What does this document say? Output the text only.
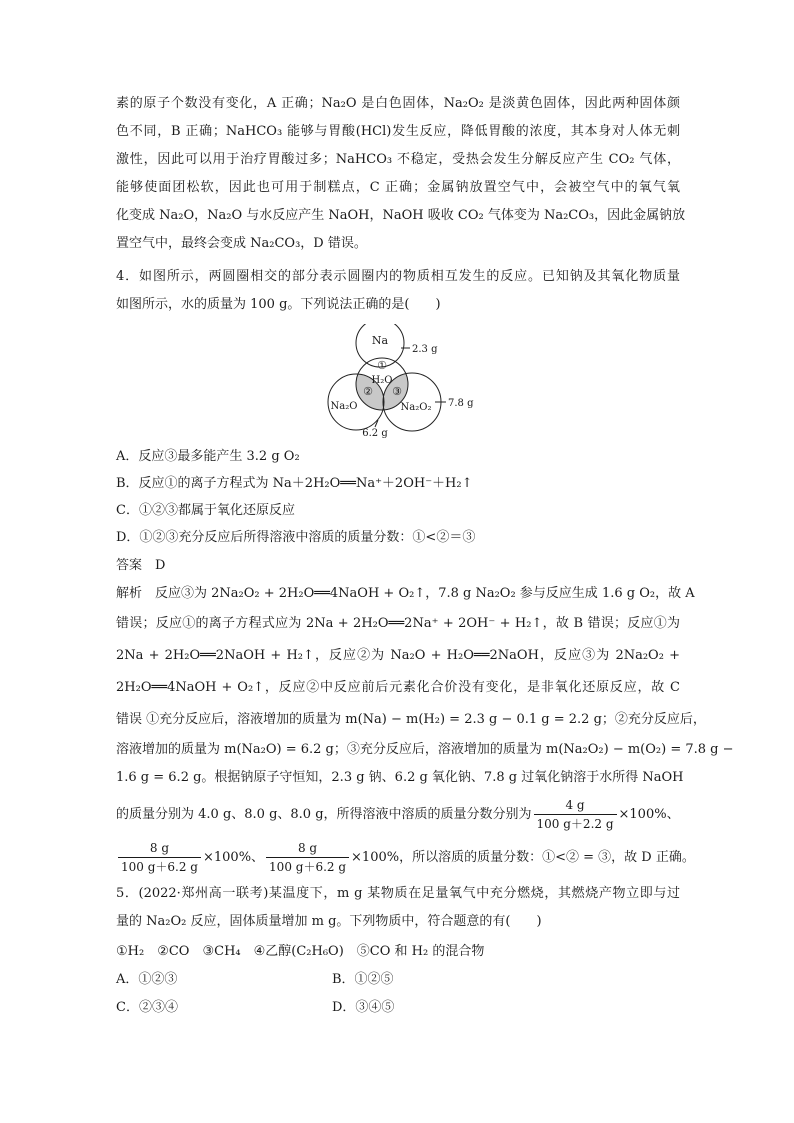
素的原子个数没有变化，A 正确；Na₂O 是白色固体，Na₂O₂ 是淡黄色固体，因此两种固体颜
色不同，B 正确；NaHCO₃ 能够与胃酸(HCl)发生反应，降低胃酸的浓度，其本身对人体无刺
激性，因此可以用于治疗胃酸过多；NaHCO₃ 不稳定，受热会发生分解反应产生 CO₂ 气体，
能够使面团松软，因此也可用于制糕点，C 正确；金属钠放置空气中，会被空气中的氧气氧
化变成 Na₂O，Na₂O 与水反应产生 NaOH，NaOH 吸收 CO₂ 气体变为 Na₂CO₃，因此金属钠放
置空气中，最终会变成 Na₂CO₃，D 错误。
4．如图所示，两圆圈相交的部分表示圆圈内的物质相互发生的反应。已知钠及其氧化物质量
如图所示，水的质量为 100 g。下列说法正确的是(　　)
Na
2.3 g
①
H₂O
② ③
Na₂O	Na₂O₂ 7.8 g
6.2 g
A．反应③最多能产生 3.2 g O₂
B．反应①的离子方程式为 Na＋2H₂O══Na⁺＋2OH⁻＋H₂↑
C．①②③都属于氧化还原反应
D．①②③充分反应后所得溶液中溶质的质量分数：①<②＝③
答案　D
解析　反应③为 2Na₂O₂ + 2H₂O══4NaOH + O₂↑，7.8 g Na₂O₂ 参与反应生成 1.6 g O₂，故 A
错误；反应①的离子方程式应为 2Na + 2H₂O══2Na⁺ + 2OH⁻ + H₂↑，故 B 错误；反应①为
2Na + 2H₂O══2NaOH + H₂↑，反应②为 Na₂O + H₂O══2NaOH，反应③为 2Na₂O₂ +
2H₂O══4NaOH + O₂↑，反应②中反应前后元素化合价没有变化，是非氧化还原反应，故 C
错误 ①充分反应后，溶液增加的质量为 m(Na) − m(H₂) = 2.3 g − 0.1 g = 2.2 g；②充分反应后，
溶液增加的质量为 m(Na₂O) = 6.2 g；③充分反应后，溶液增加的质量为 m(Na₂O₂) − m(O₂) = 7.8 g −
1.6 g = 6.2 g。根据钠原子守恒知，2.3 g 钠、6.2 g 氧化钠、7.8 g 过氧化钠溶于水所得 NaOH
的质量分别为 4.0 g、8.0 g、8.0 g，所得溶液中溶质的质量分数分别为 $\frac{4 g}{100 g+2.2 g} \times 100\%$、
$\frac{8 g}{100 g+6.2 g} \times 100\%$、 $\frac{8 g}{100 g+6.2 g} \times 100\%$，所以溶质的质量分数：①<② = ③，故 D 正确。
5．(2022·郑州高一联考)某温度下，m g 某物质在足量氧气中充分燃烧，其燃烧产物立即与过
量的 Na₂O₂ 反应，固体质量增加 m g。下列物质中，符合题意的有(　　)
①H₂　②CO　③CH₄　④乙醇(C₂H₆O)　⑤CO 和 H₂ 的混合物
A．①②③	B．①②⑤
C．②③④	D．③④⑤
